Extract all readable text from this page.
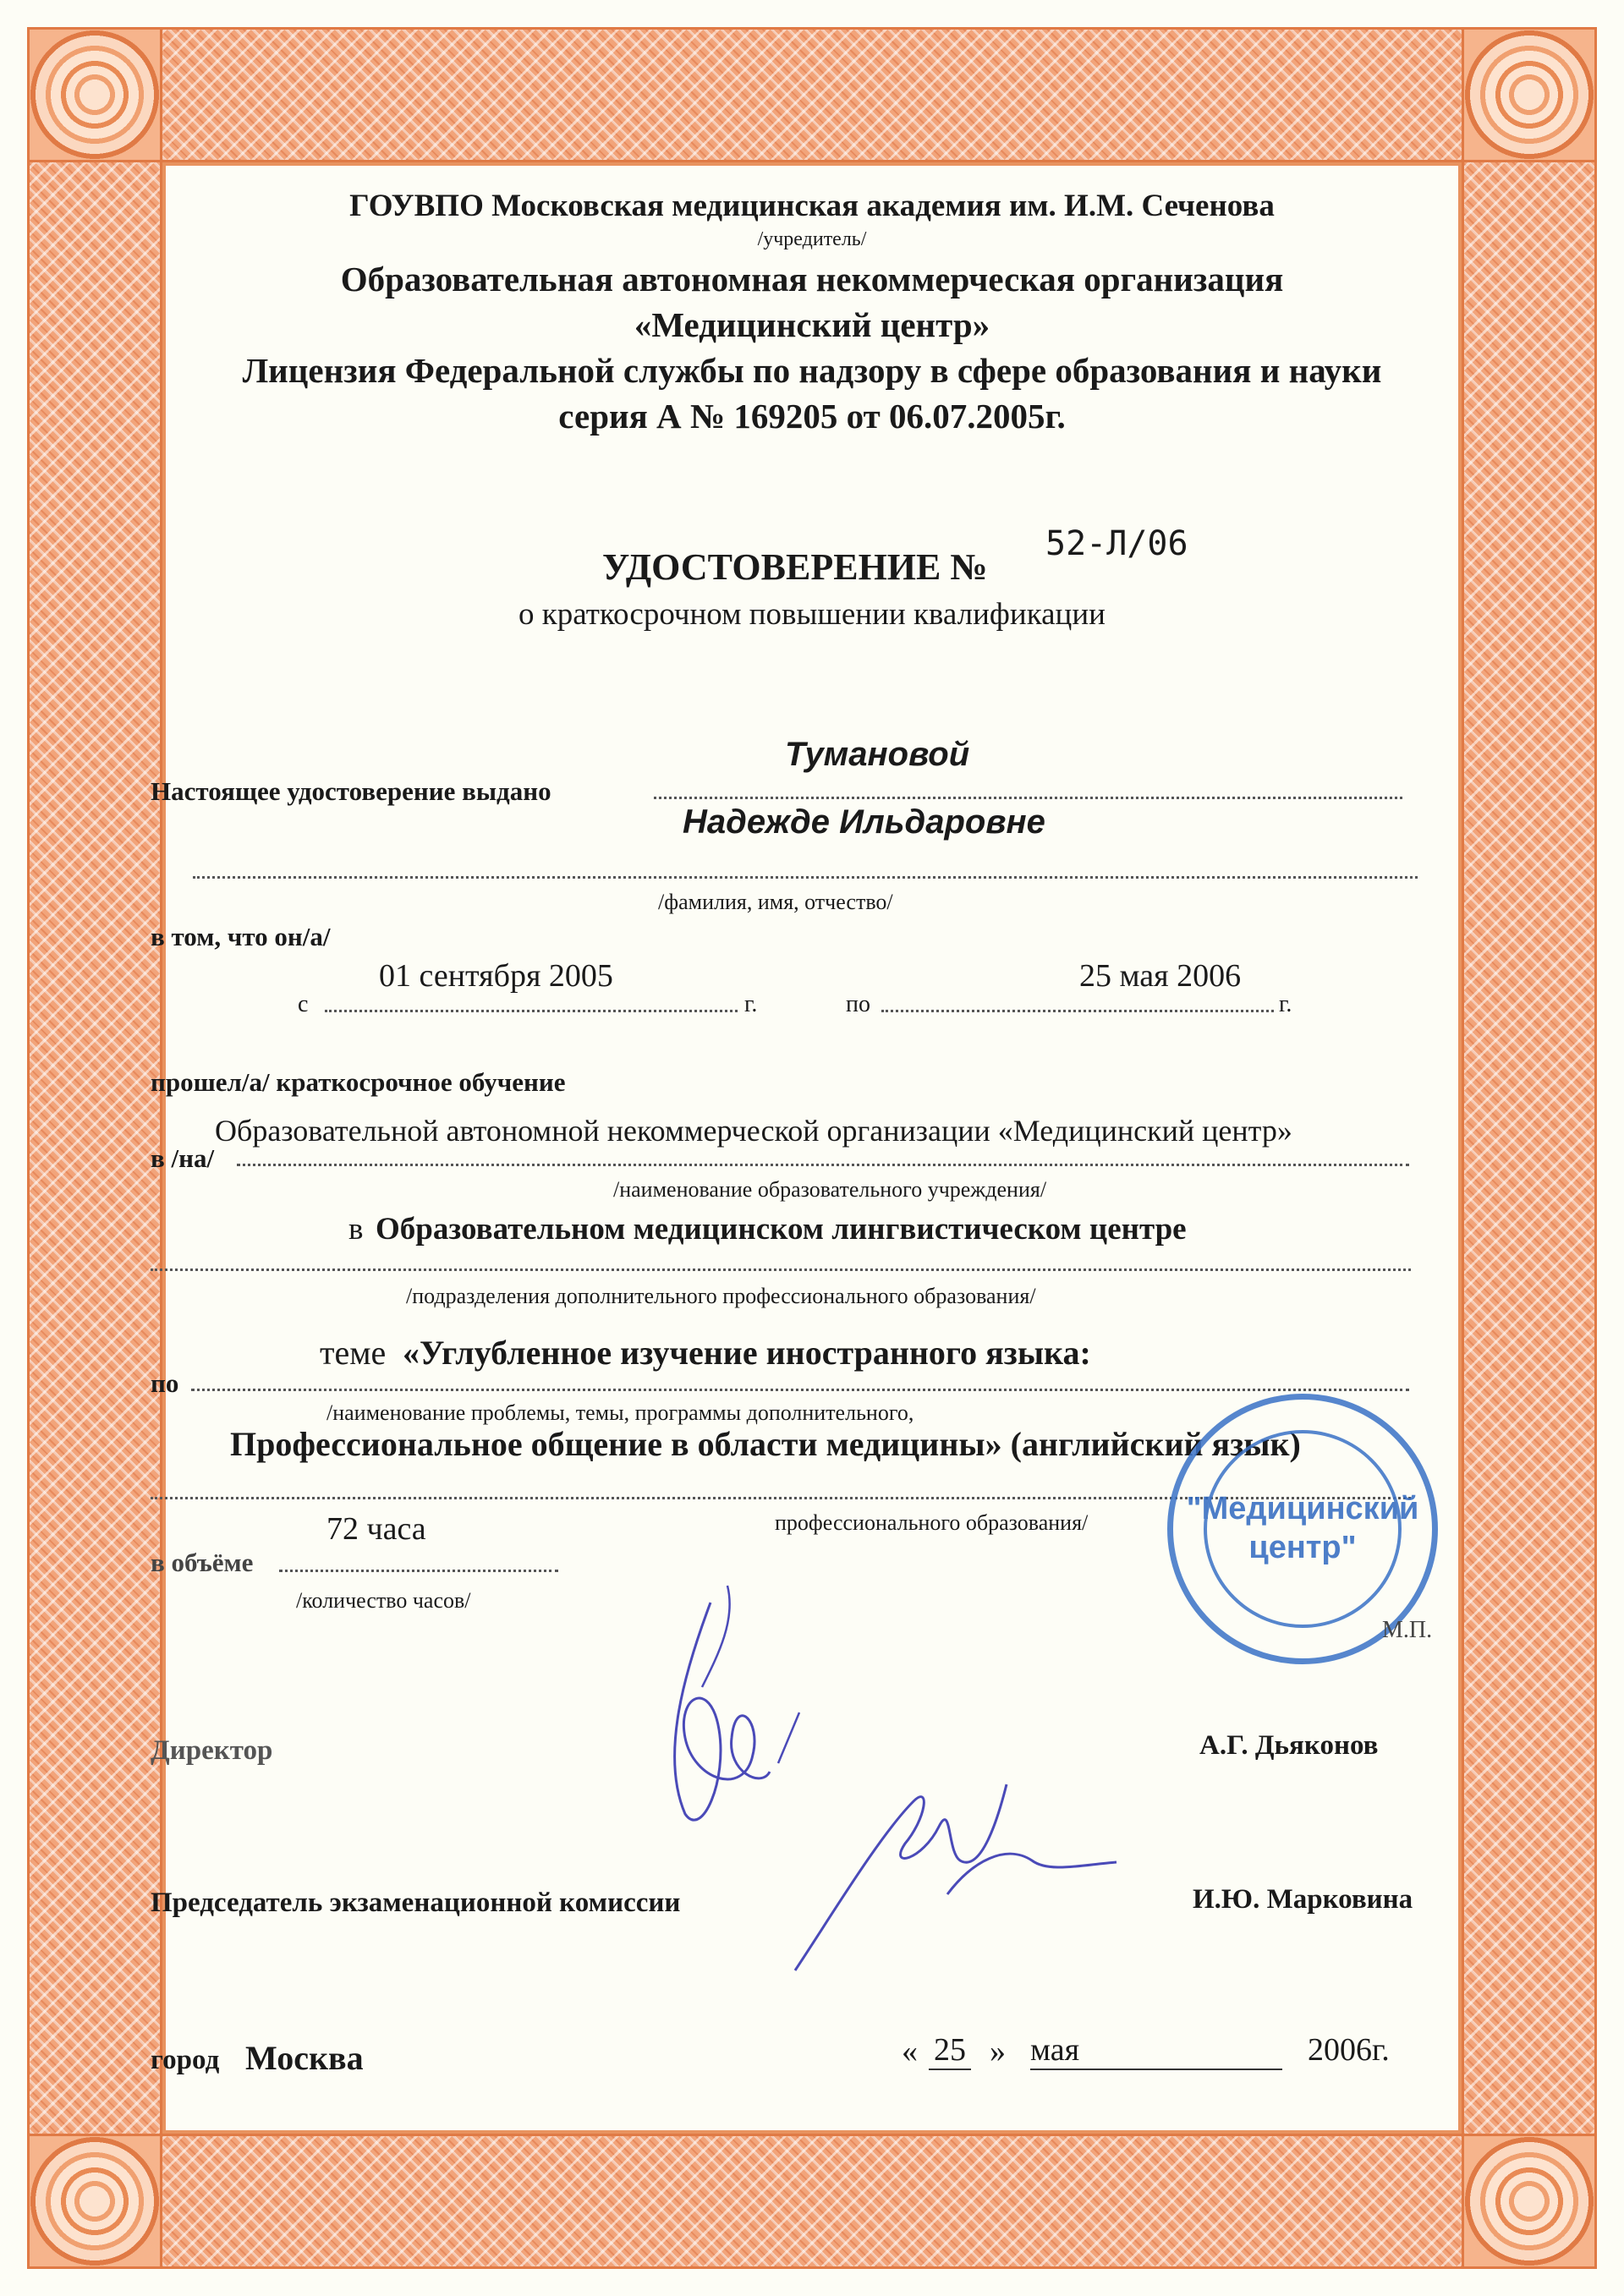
ГОУВПО Московская медицинская академия им. И.М. Сеченова
/учредитель/
Образовательная автономная некоммерческая организация
«Медицинский центр»
Лицензия Федеральной службы по надзору в сфере образования и науки
серия А № 169205 от 06.07.2005г.
УДОСТОВЕРЕНИЕ №
52-Л/06
о краткосрочном повышении квалификации
Тумановой
Настоящее удостоверение выдано
Надежде Ильдаровне
/фамилия, имя, отчество/
в том, что он/а/
01 сентября 2005
с	г.
25 мая 2006
по	г.
прошел/а/ краткосрочное обучение
Образовательной автономной некоммерческой организации «Медицинский центр»
в /на/
/наименование образовательного учреждения/
в Образовательном медицинском лингвистическом центре
/подразделения дополнительного профессионального образования/
теме «Углубленное изучение иностранного языка:
по
/наименование проблемы, темы, программы дополнительного,
Профессиональное общение в области медицины» (английский язык)
профессионального образования/
72 часа
в объёме
/количество часов/
"Медицинский
центр"
М.П.
Директор	А.Г. Дьяконов
Председатель экзаменационной комиссии	И.Ю. Марковина
город Москва	« 25 » мая	2006г.
